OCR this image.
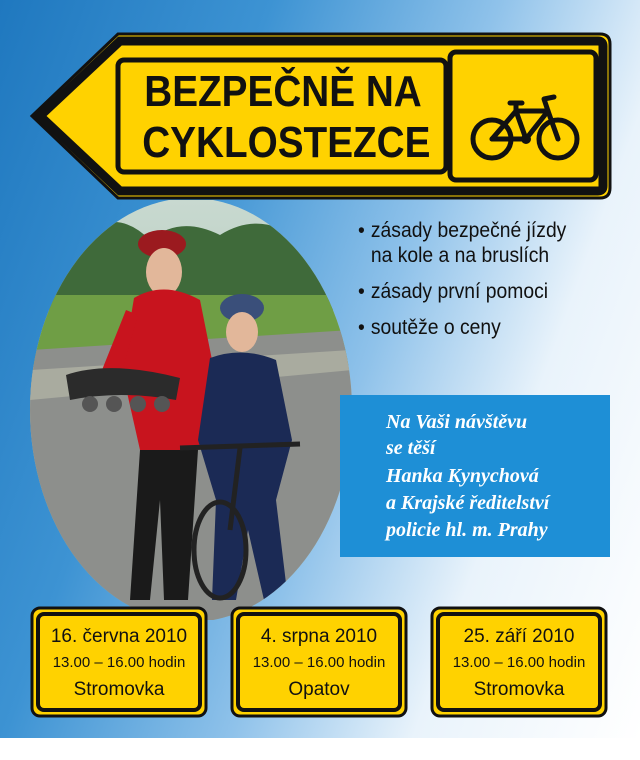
BEZPEČNĚ NA
CYKLOSTEZCE
• zásady bezpečné jízdy
na kole a na bruslích
• zásady první pomoci
• soutěže o ceny
Na Vaši návštěvu
se těší
Hanka Kynychová
a Krajské ředitelství
policie hl. m. Prahy
16. června 2010
13.00 – 16.00 hodin
Stromovka
4. srpna 2010
13.00 – 16.00 hodin
Opatov
25. září 2010
13.00 – 16.00 hodin
Stromovka
